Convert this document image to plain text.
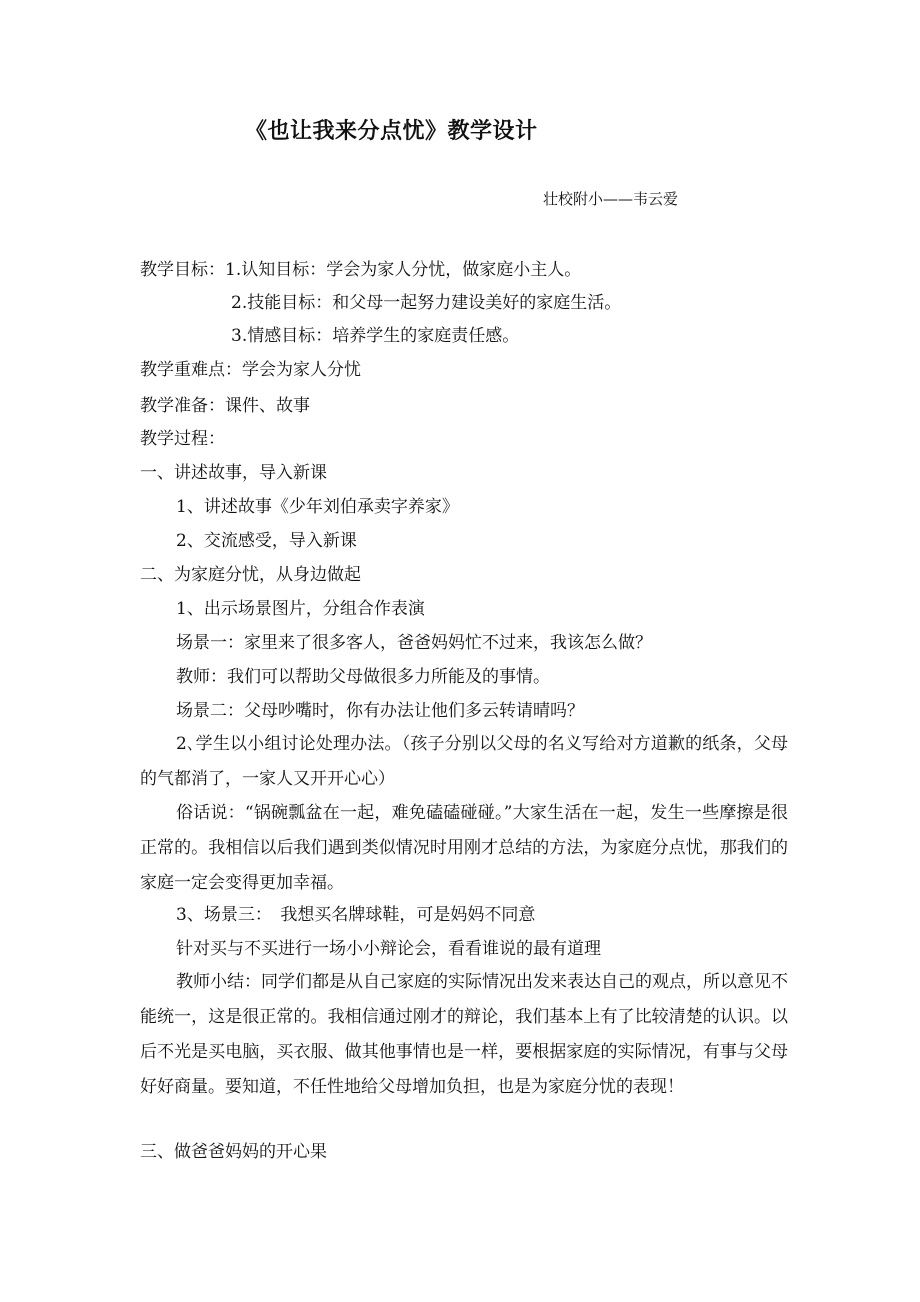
《也让我来分点忧》教学设计
壮校附小——韦云爱
教学目标：1.认知目标：学会为家人分忧，做家庭小主人。
2.技能目标：和父母一起努力建设美好的家庭生活。
3.情感目标：培养学生的家庭责任感。
教学重难点：学会为家人分忧
教学准备：课件、故事
教学过程：
一、讲述故事，导入新课
1、讲述故事《少年刘伯承卖字养家》
2、交流感受，导入新课
二、为家庭分忧，从身边做起
1、出示场景图片，分组合作表演
场景一：家里来了很多客人，爸爸妈妈忙不过来，我该怎么做？
教师：我们可以帮助父母做很多力所能及的事情。
场景二：父母吵嘴时，你有办法让他们多云转请晴吗？
2､学生以小组讨论处理办法。（孩子分别以父母的名义写给对方道歉的纸条，父母的气都消了，一家人又开开心心）
俗话说：“锅碗瓢盆在一起，难免磕磕碰碰。”大家生活在一起，发生一些摩擦是很正常的。我相信以后我们遇到类似情况时用刚才总结的方法，为家庭分点忧，那我们的家庭一定会变得更加幸福。
3、场景三：　我想买名牌球鞋，可是妈妈不同意
针对买与不买进行一场小小辩论会，看看谁说的最有道理
教师小结：同学们都是从自己家庭的实际情况出发来表达自己的观点，所以意见不能统一，这是很正常的。我相信通过刚才的辩论，我们基本上有了比较清楚的认识。以后不光是买电脑，买衣服、做其他事情也是一样，要根据家庭的实际情况，有事与父母好好商量。要知道，不任性地给父母增加负担，也是为家庭分忧的表现！
三、做爸爸妈妈的开心果
